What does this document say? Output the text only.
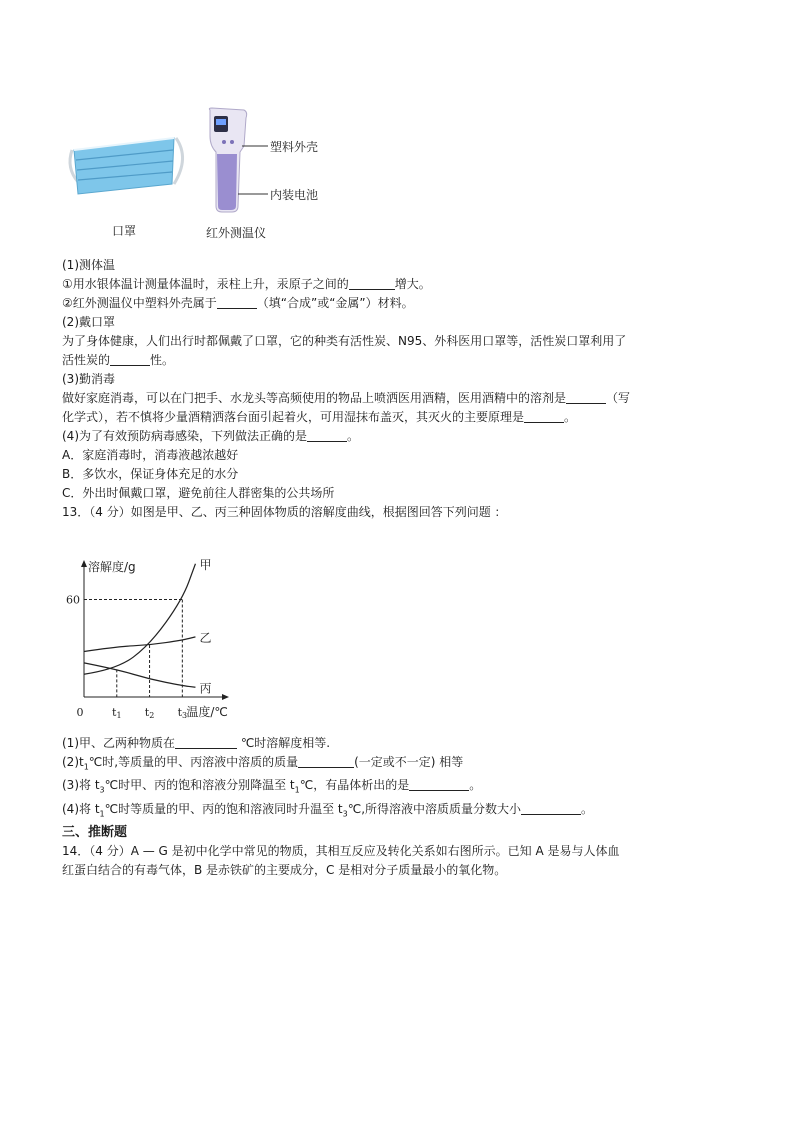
口罩
塑料外壳
内装电池
红外测温仪
(1)测体温
①用水银体温计测量体温时，汞柱上升，汞原子之间的	增大。
②红外测温仪中塑料外壳属于	（填“合成”或“金属”）材料。
(2)戴口罩
为了身体健康，人们出行时都佩戴了口罩，它的种类有活性炭、N95、外科医用口罩等，活性炭口罩利用了
活性炭的	性。
(3)勤消毒
做好家庭消毒，可以在门把手、水龙头等高频使用的物品上喷洒医用酒精，医用酒精中的溶剂是	（写
化学式），若不慎将少量酒精洒落台面引起着火，可用湿抹布盖灭，其灭火的主要原理是	。
(4)为了有效预防病毒感染，下列做法正确的是	。
A．家庭消毒时，消毒液越浓越好
B．多饮水，保证身体充足的水分
C．外出时佩戴口罩，避免前往人群密集的公共场所
13．（4 分）如图是甲、乙、丙三种固体物质的溶解度曲线，根据图回答下列问题 ：
溶解度/g
温度/℃
0	t1 t2 t3
60
甲
乙
丙
(1)甲、乙两种物质在	℃时溶解度相等.
$(2)t_1℃$时,等质量的甲、丙溶液中溶质的质量	(一定或不一定) 相等
(3)将 $t_3℃$时甲、丙的饱和溶液分别降温至 $t_1℃$，有晶体析出的是	。
(4)将 $t_1℃$时等质量的甲、丙的饱和溶液同时升温至 $t_3℃$,所得溶液中溶质质量分数大小	。
三、推断题
14．（4 分）A — G 是初中化学中常见的物质，其相互反应及转化关系如右图所示。已知 A 是易与人体血
红蛋白结合的有毒气体，B 是赤铁矿的主要成分，C 是相对分子质量最小的氧化物。
